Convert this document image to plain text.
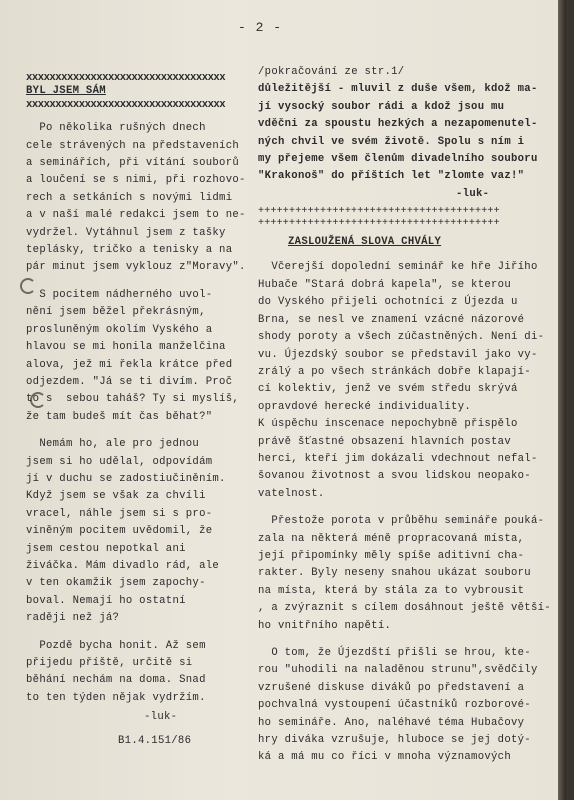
- 2 -

xxxxxxxxxxxxxxxxxxxxxxxxxxxxxxxxxx

BYL JSEM SÁM

xxxxxxxxxxxxxxxxxxxxxxxxxxxxxxxxxx

Po několika rušných dnech

cele strávených na představeních

a seminářích, při vítání souborů

a loučení se s nimi, při rozhovo-

rech a setkáních s novými lidmi

a v naší malé redakci jsem to ne-

vydržel. Vytáhnul jsem z tašky

teplásky, tričko a tenisky a na

pár minut jsem vyklouz z"Moravy".

S pocitem nádherného uvol-

nění jsem běžel překrásným,

prosluněným okolím Vyského a

hlavou se mi honila manželčina

alova, jež mi řekla krátce před

odjezdem. "Já se ti divím. Proč

to s  sebou taháš? Ty si myslíš,

že tam budeš mít čas běhat?"

Nemám ho, ale pro jednou

jsem si ho udělal, odpovídám

jí v duchu se zadostiučiněním.

Když jsem se však za chvíli

vracel, náhle jsem si s pro-

viněným pocitem uvědomil, že

jsem cestou nepotkal ani

živáčka. Mám divadlo rád, ale

v ten okamžik jsem zapochy-

boval. Nemají ho ostatní

raději než já?

Pozdě bycha honit. Až sem

přijedu příště, určitě si

běhání nechám na doma. Snad

to ten týden nějak vydržím.

-luk-

B1.4.151/86

/pokračování ze str.1/

důležitější - mluvil z duše všem, kdož ma-

jí vysocký soubor rádi a kdož jsou mu

vděčni za spoustu hezkých a nezapomenutel-

ných chvil ve svém životě. Spolu s ním i

my přejeme všem členům divadelního souboru

"Krakonoš" do příštích let "zlomte vaz!"

-luk-

+++++++++++++++++++++++++++++++++++++++

+++++++++++++++++++++++++++++++++++++++

ZASLOUŽENÁ SLOVA CHVÁLY

Včerejší dopolední seminář ke hře Jiřího

Hubače "Stará dobrá kapela", se kterou

do Vyského přijeli ochotníci z Újezda u

Brna, se nesl ve znamení vzácné názorové

shody poroty a všech zúčastněných. Není di-

vu. Újezdský soubor se představil jako vy-

zrálý a po všech stránkách dobře klapají-

cí kolektiv, jenž ve svém středu skrývá

opravdové herecké individuality.

K úspěchu inscenace nepochybně přispělo

právě šťastné obsazení hlavních postav

herci, kteří jim dokázali vdechnout nefal-

šovanou životnost a svou lidskou neopako-

vatelnost.

Přestože porota v průběhu semináře pouká-

zala na některá méně propracovaná místa,

její připomínky měly spíše aditivní cha-

rakter. Byly neseny snahou ukázat souboru

na místa, která by stála za to vybrousit

, a zvýraznit s cílem dosáhnout ještě větší-

ho vnitřního napětí.

O tom, že Újezdští přišli se hrou, kte-

rou "uhodili na naladěnou strunu",svědčily

vzrušené diskuse diváků po představení a

pochvalná vystoupení účastníků rozborové-

ho semináře. Ano, naléhavé téma Hubačovy

hry diváka vzrušuje, hluboce se jej dotý-

ká a má mu co říci v mnoha významových
